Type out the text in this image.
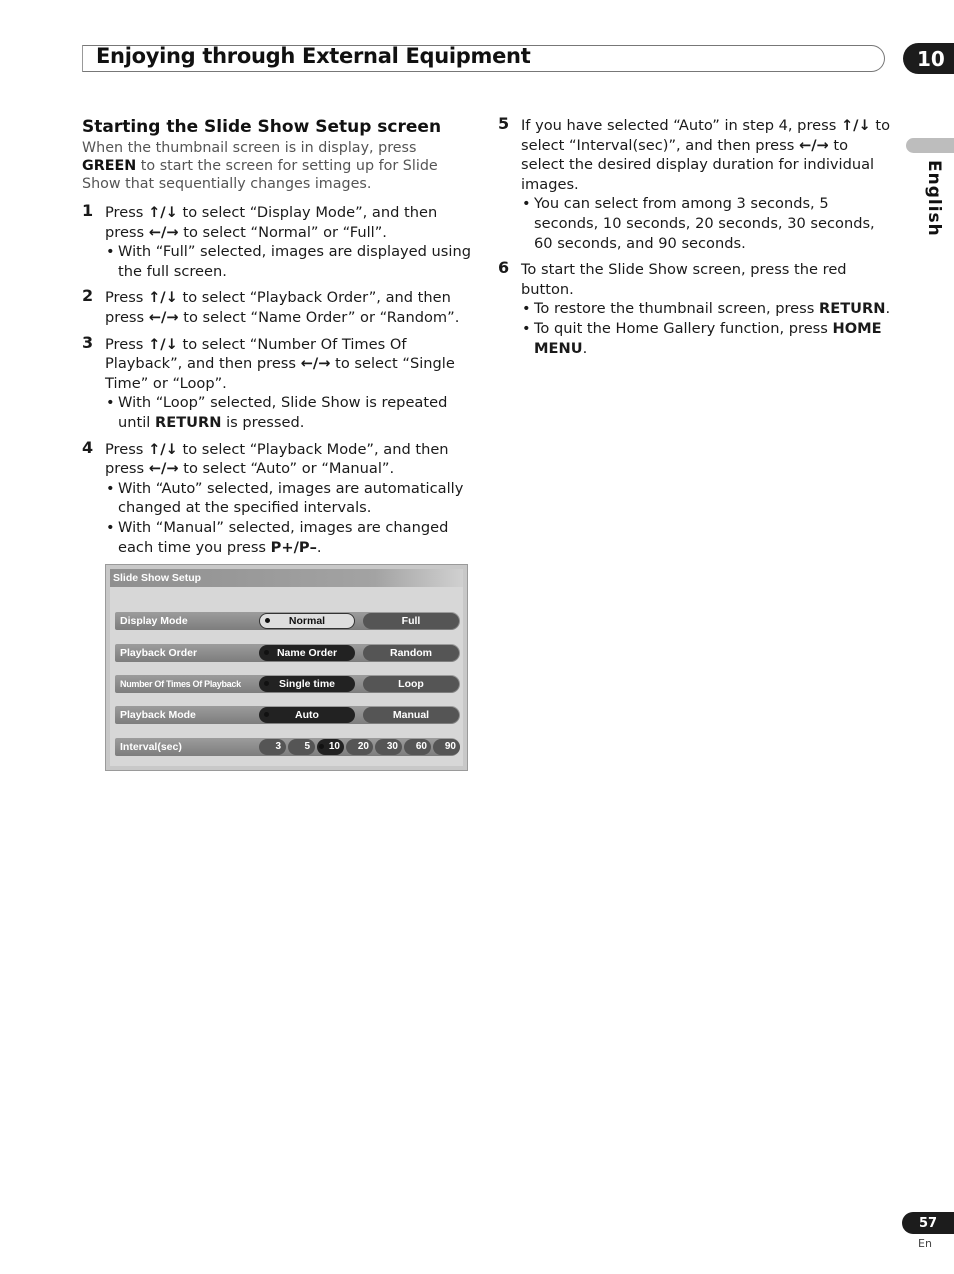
Enjoying through External Equipment	10
English
Starting the Slide Show Setup screen
When the thumbnail screen is in display, press GREEN to start the screen for setting up for Slide Show that sequentially changes images.
1 Press ↑/↓ to select “Display Mode”, and then press ←/→ to select “Normal” or “Full”.

• With “Full” selected, images are displayed using the full screen.

2 Press ↑/↓ to select “Playback Order”, and then press ←/→ to select “Name Order” or “Random”.

3 Press ↑/↓ to select “Number Of Times Of Playback”, and then press ←/→ to select “Single Time” or “Loop”.

• With “Loop” selected, Slide Show is repeated until RETURN is pressed.

4 Press ↑/↓ to select “Playback Mode”, and then press ←/→ to select “Auto” or “Manual”.

• With “Auto” selected, images are automatically changed at the specified intervals.

• With “Manual” selected, images are changed each time you press P+/P–.

Slide Show Setup
Display Mode	Normal	Full
Playback Order	Name Order	Random
Number Of Times Of Playback	Single time	Loop
Playback Mode	Auto	Manual
Interval(sec)	3	5	10	20	30	60	90
5 If you have selected “Auto” in step 4, press ↑/↓ to select “Interval(sec)”, and then press ←/→ to select the desired display duration for individual images.

• You can select from among 3 seconds, 5 seconds, 10 seconds, 20 seconds, 30 seconds, 60 seconds, and 90 seconds.

6 To start the Slide Show screen, press the red button.

• To restore the thumbnail screen, press RETURN.

• To quit the Home Gallery function, press HOME MENU.

57
En
